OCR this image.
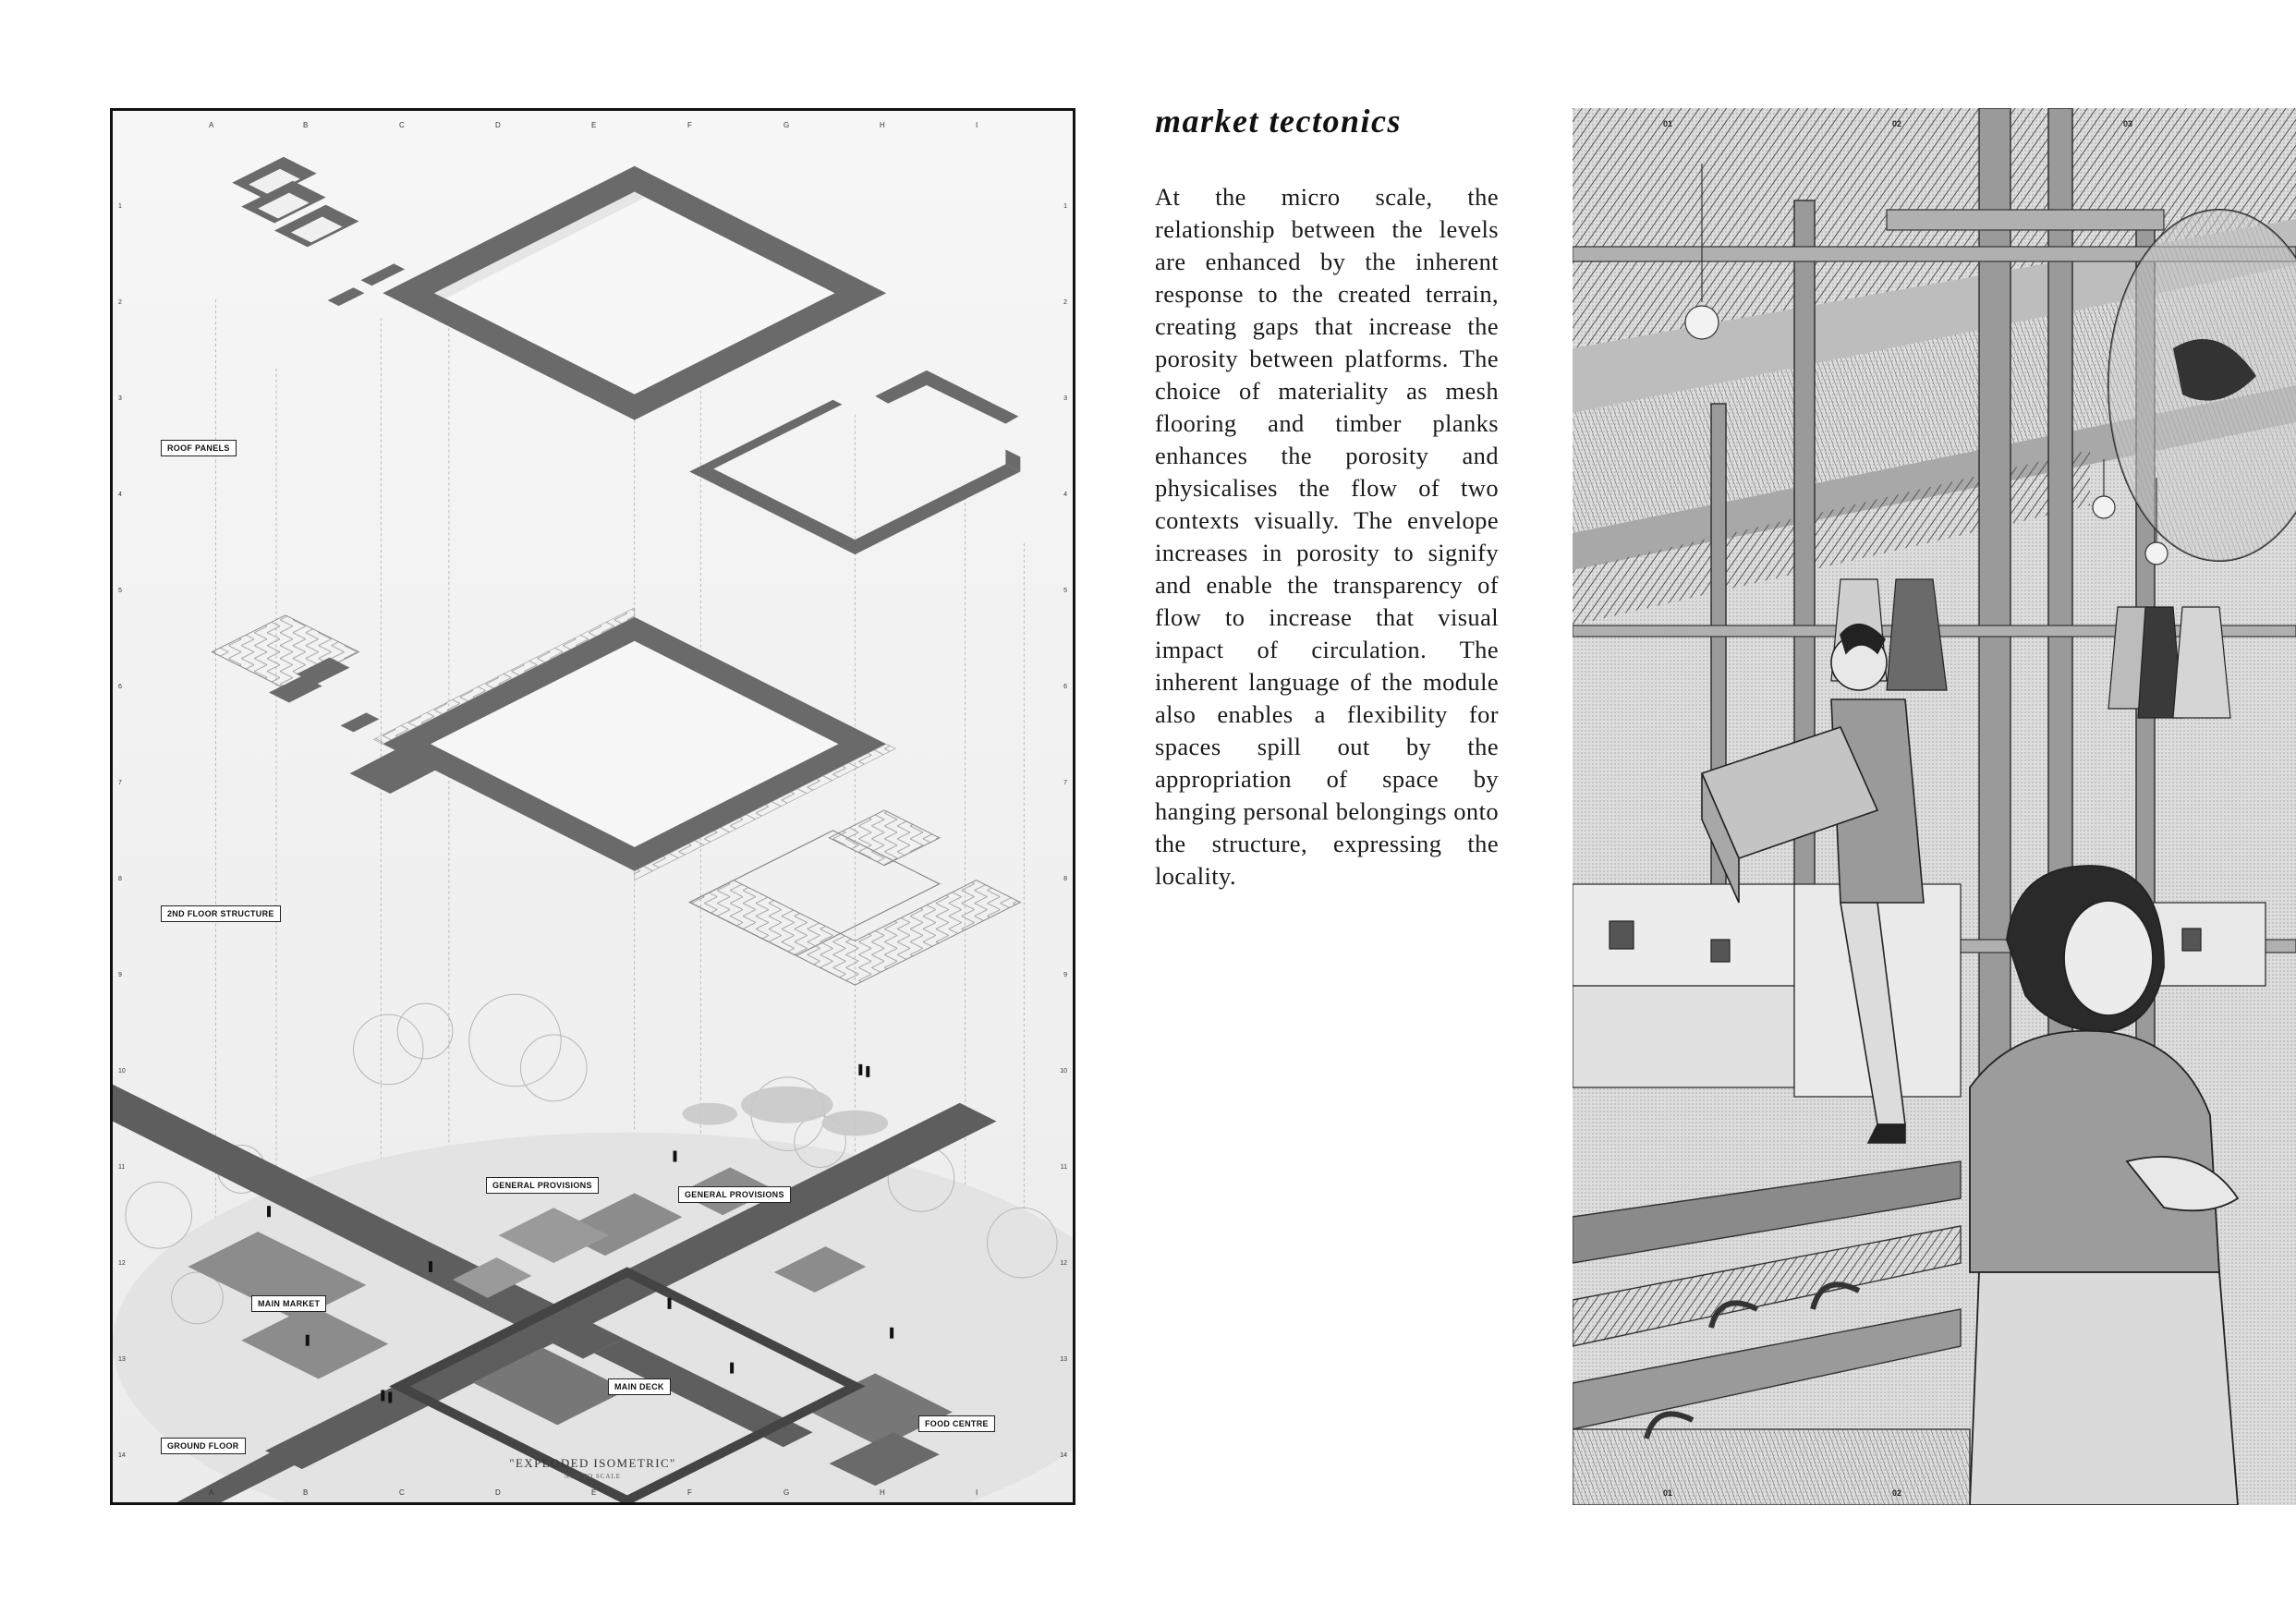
A	B	C	D	E	F	G	H	I
A	B	C	D	E	F	G	H	I
1
2
3
4
5
6
7
8
9
10
11
12
13
14
1
2
3
4
5
6
7
8
9
10
11
12
13
14
ROOF PANELS
2ND FLOOR STRUCTURE
GROUND FLOOR
MAIN MARKET
GENERAL PROVISIONS
GENERAL PROVISIONS
MAIN DECK
FOOD CENTRE
"EXPLODED ISOMETRIC"
NOT TO SCALE
market tectonics

At the micro scale, the relationship between the levels are enhanced by the inherent response to the created terrain, creating gaps that increase the porosity between platforms. The choice of materiality as mesh flooring and timber planks enhances the porosity and physicalises the flow of two contexts visually. The envelope increases in porosity to signify and enable the transparency of flow to increase that visual impact of circulation. The inherent language of the module also enables a flexibility for spaces spill out by the appropriation of space by hanging personal belongings onto the structure, expressing the locality.

01	02	03
01	02
